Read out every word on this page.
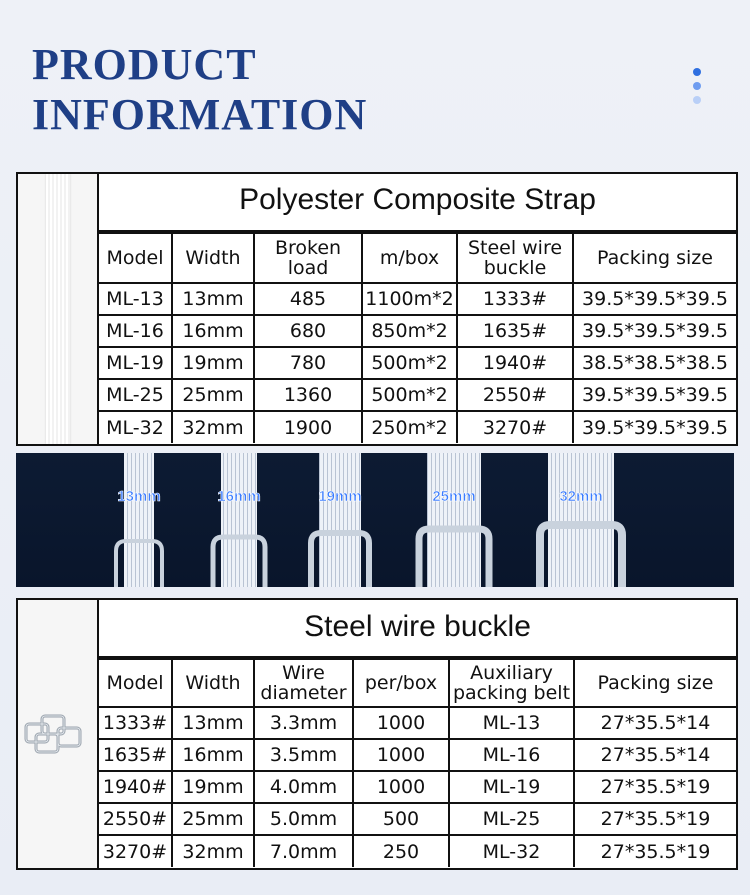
PRODUCT
INFORMATION
Polyester Composite Strap
Model	Width	Broken load	m/box	Steel wire buckle	Packing size
ML-13	13mm	485	1100m*2	1333#	39.5*39.5*39.5
ML-16	16mm	680	850m*2	1635#	39.5*39.5*39.5
ML-19	19mm	780	500m*2	1940#	38.5*38.5*38.5
ML-25	25mm	1360	500m*2	2550#	39.5*39.5*39.5
ML-32	32mm	1900	250m*2	3270#	39.5*39.5*39.5
13mm	16mm	19mm	25mm	32mm
Steel wire buckle
Model	Width	Wire diameter	per/box	Auxiliary packing belt	Packing size
1333#	13mm	3.3mm	1000	ML-13	27*35.5*14
1635#	16mm	3.5mm	1000	ML-16	27*35.5*14
1940#	19mm	4.0mm	1000	ML-19	27*35.5*19
2550#	25mm	5.0mm	500	ML-25	27*35.5*19
3270#	32mm	7.0mm	250	ML-32	27*35.5*19
